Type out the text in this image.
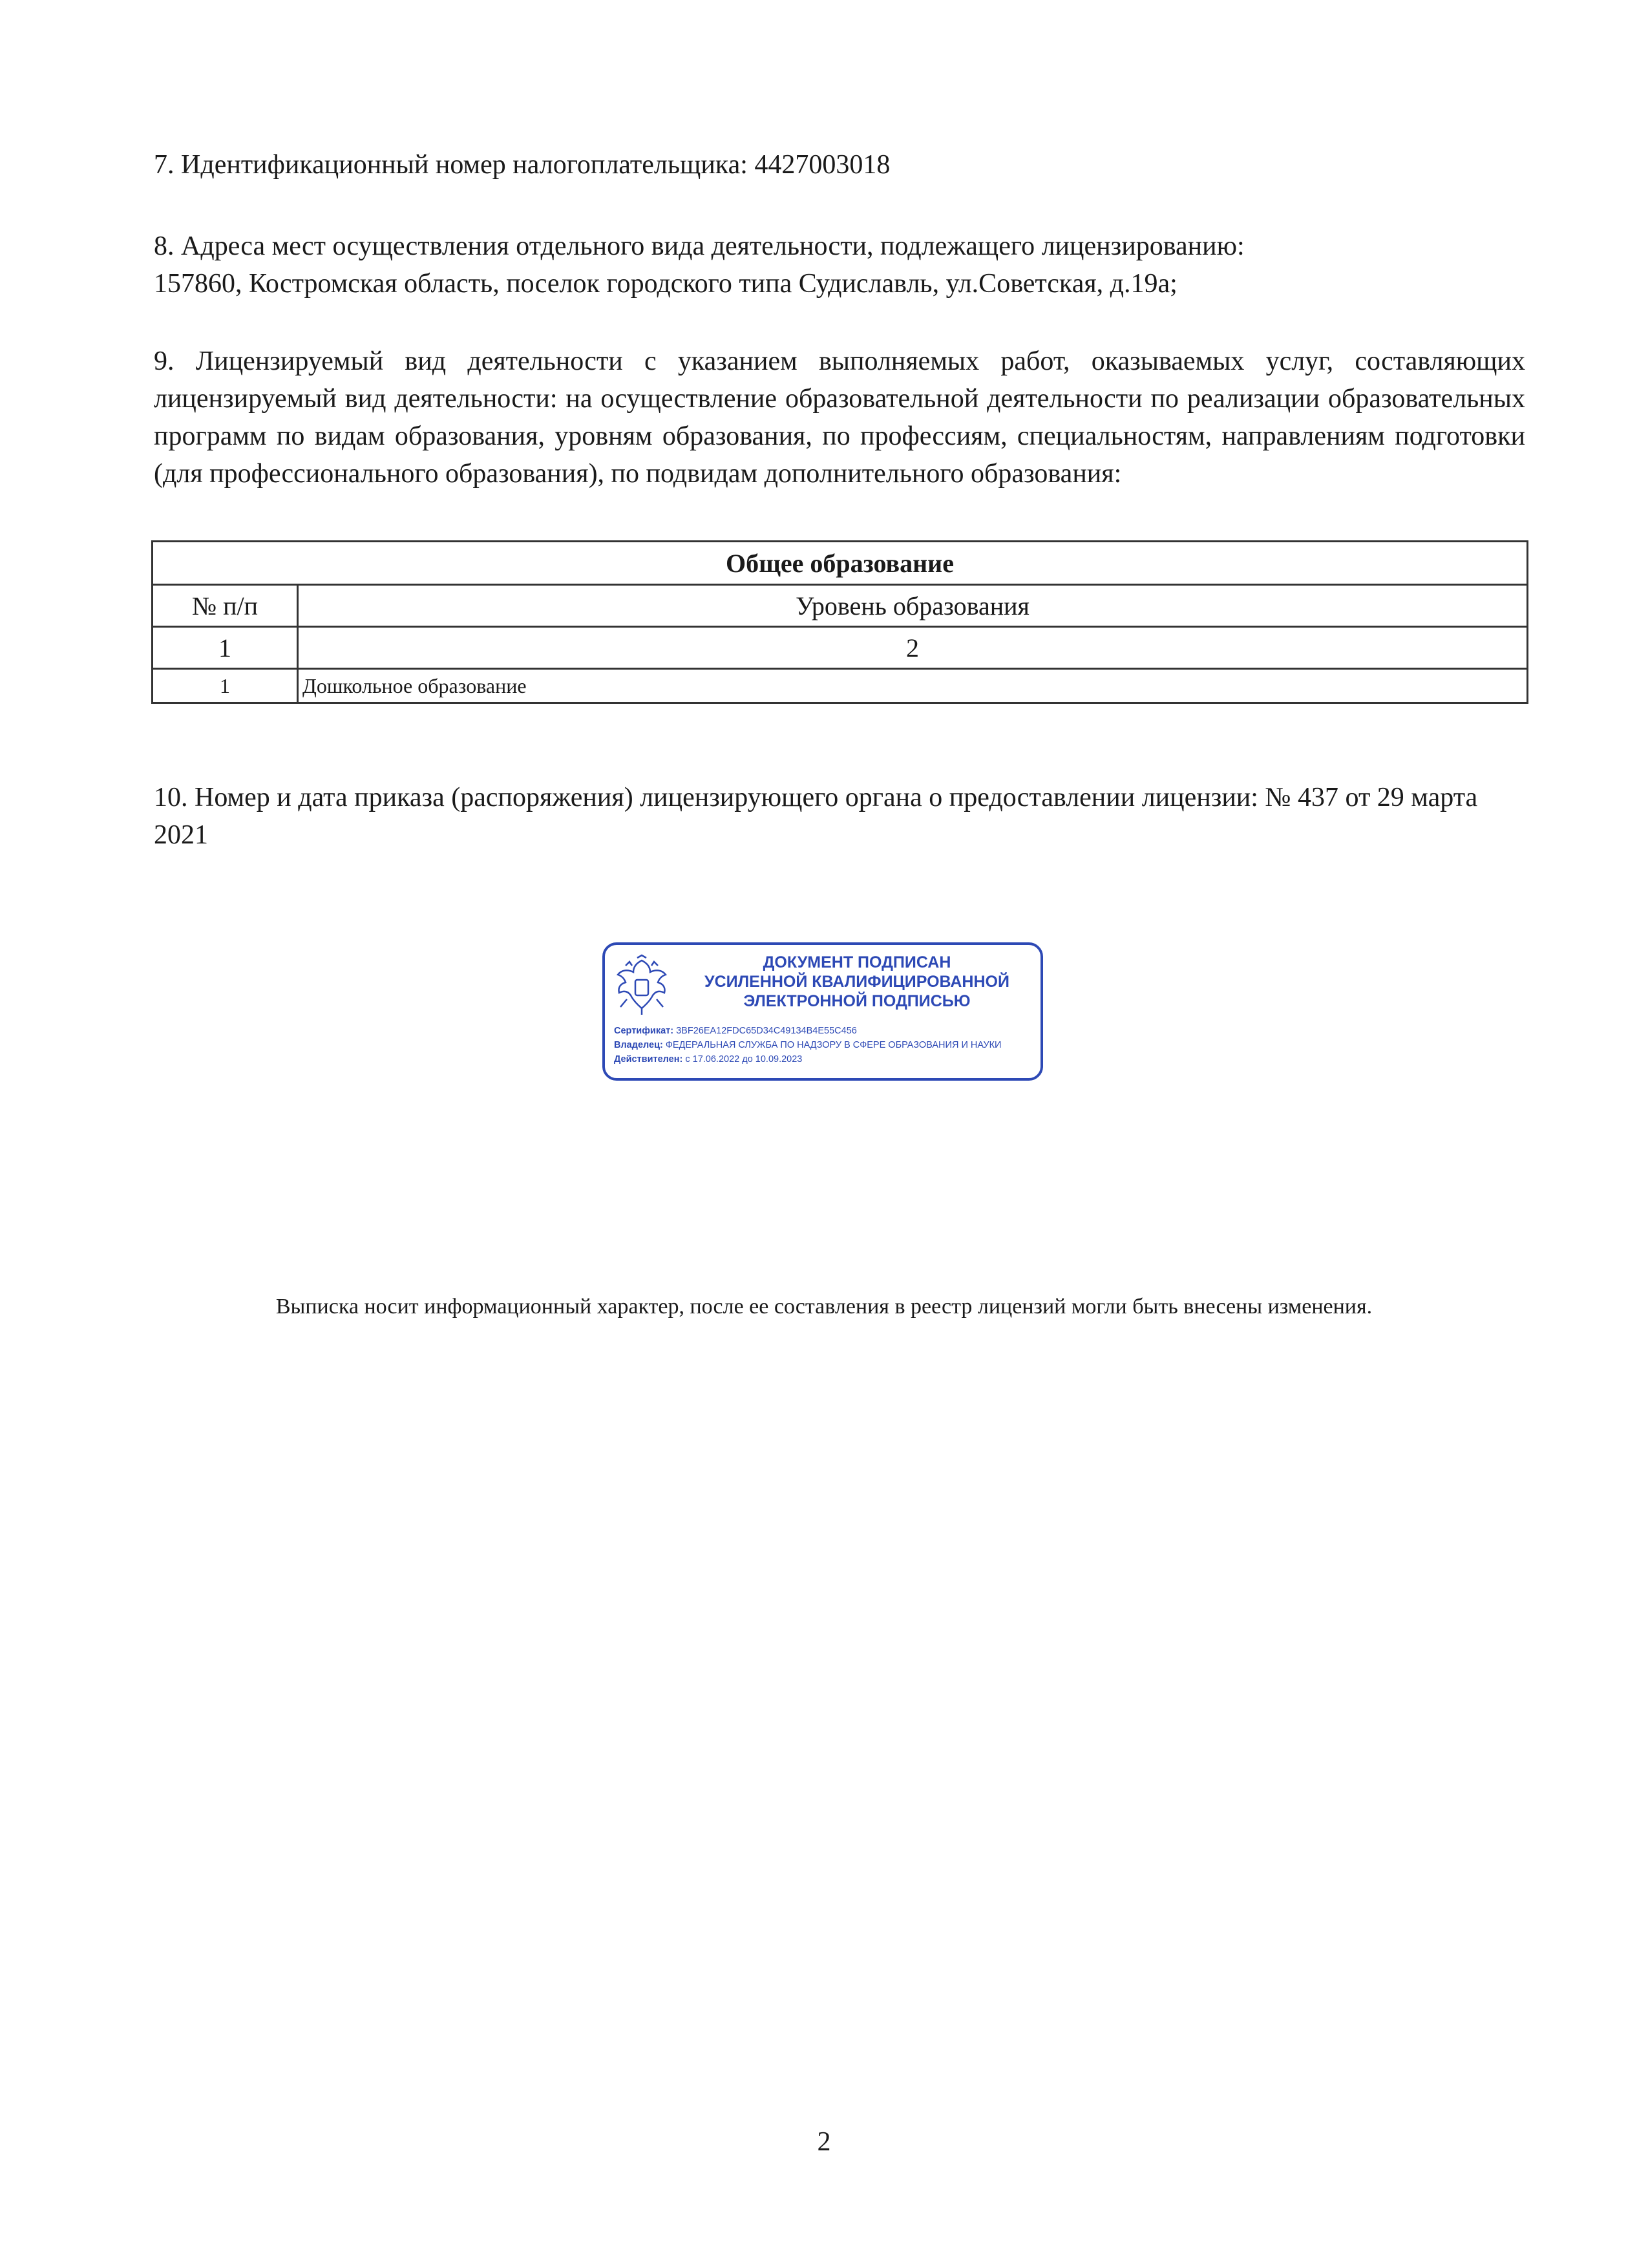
7. Идентификационный номер налогоплательщика: 4427003018

8. Адреса мест осуществления отдельного вида деятельности, подлежащего лицензированию:
157860, Костромская область, поселок городского типа Судиславль, ул.Советская, д.19а;

9. Лицензируемый вид деятельности с указанием выполняемых работ, оказываемых услуг, составляющих лицензируемый вид деятельности: на осуществление образовательной деятельности по реализации образовательных программ по видам образования, уровням образования, по профессиям, специальностям, направлениям подготовки (для профессионального образования), по подвидам дополнительного образования:

Общее образование	
№ п/п	Уровень образования
1	2
1	Дошкольное образование

10. Номер и дата приказа (распоряжения) лицензирующего органа о предоставлении лицензии: № 437 от 29 марта 2021

ДОКУМЕНТ ПОДПИСАН
УСИЛЕННОЙ КВАЛИФИЦИРОВАННОЙ
ЭЛЕКТРОННОЙ ПОДПИСЬЮ
Сертификат: 3BF26EA12FDC65D34C49134B4E55C456
Владелец: ФЕДЕРАЛЬНАЯ СЛУЖБА ПО НАДЗОРУ В СФЕРЕ ОБРАЗОВАНИЯ И НАУКИ
Действителен: с 17.06.2022 до 10.09.2023
Выписка носит информационный характер, после ее составления в реестр лицензий могли быть внесены изменения.
2
